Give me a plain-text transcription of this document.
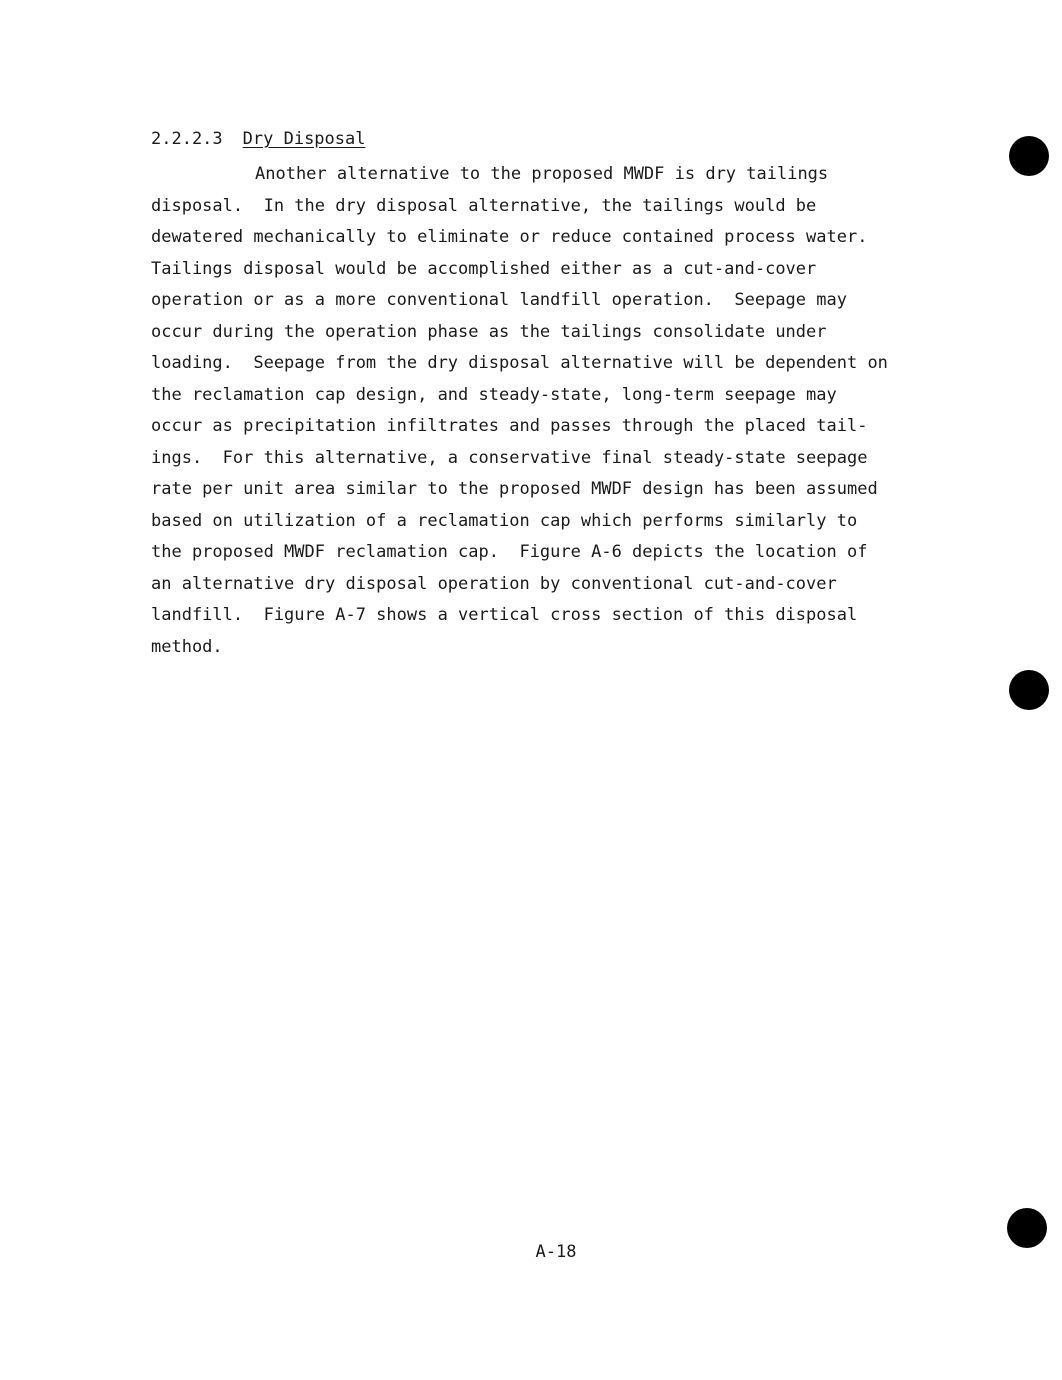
2.2.2.3 Dry Disposal
Another alternative to the proposed MWDF is dry tailings
disposal.  In the dry disposal alternative, the tailings would be
dewatered mechanically to eliminate or reduce contained process water.
Tailings disposal would be accomplished either as a cut-and-cover
operation or as a more conventional landfill operation.  Seepage may
occur during the operation phase as the tailings consolidate under
loading.  Seepage from the dry disposal alternative will be dependent on
the reclamation cap design, and steady-state, long-term seepage may
occur as precipitation infiltrates and passes through the placed tail-
ings.  For this alternative, a conservative final steady-state seepage
rate per unit area similar to the proposed MWDF design has been assumed
based on utilization of a reclamation cap which performs similarly to
the proposed MWDF reclamation cap.  Figure A-6 depicts the location of
an alternative dry disposal operation by conventional cut-and-cover
landfill.  Figure A-7 shows a vertical cross section of this disposal
method.
A-18
